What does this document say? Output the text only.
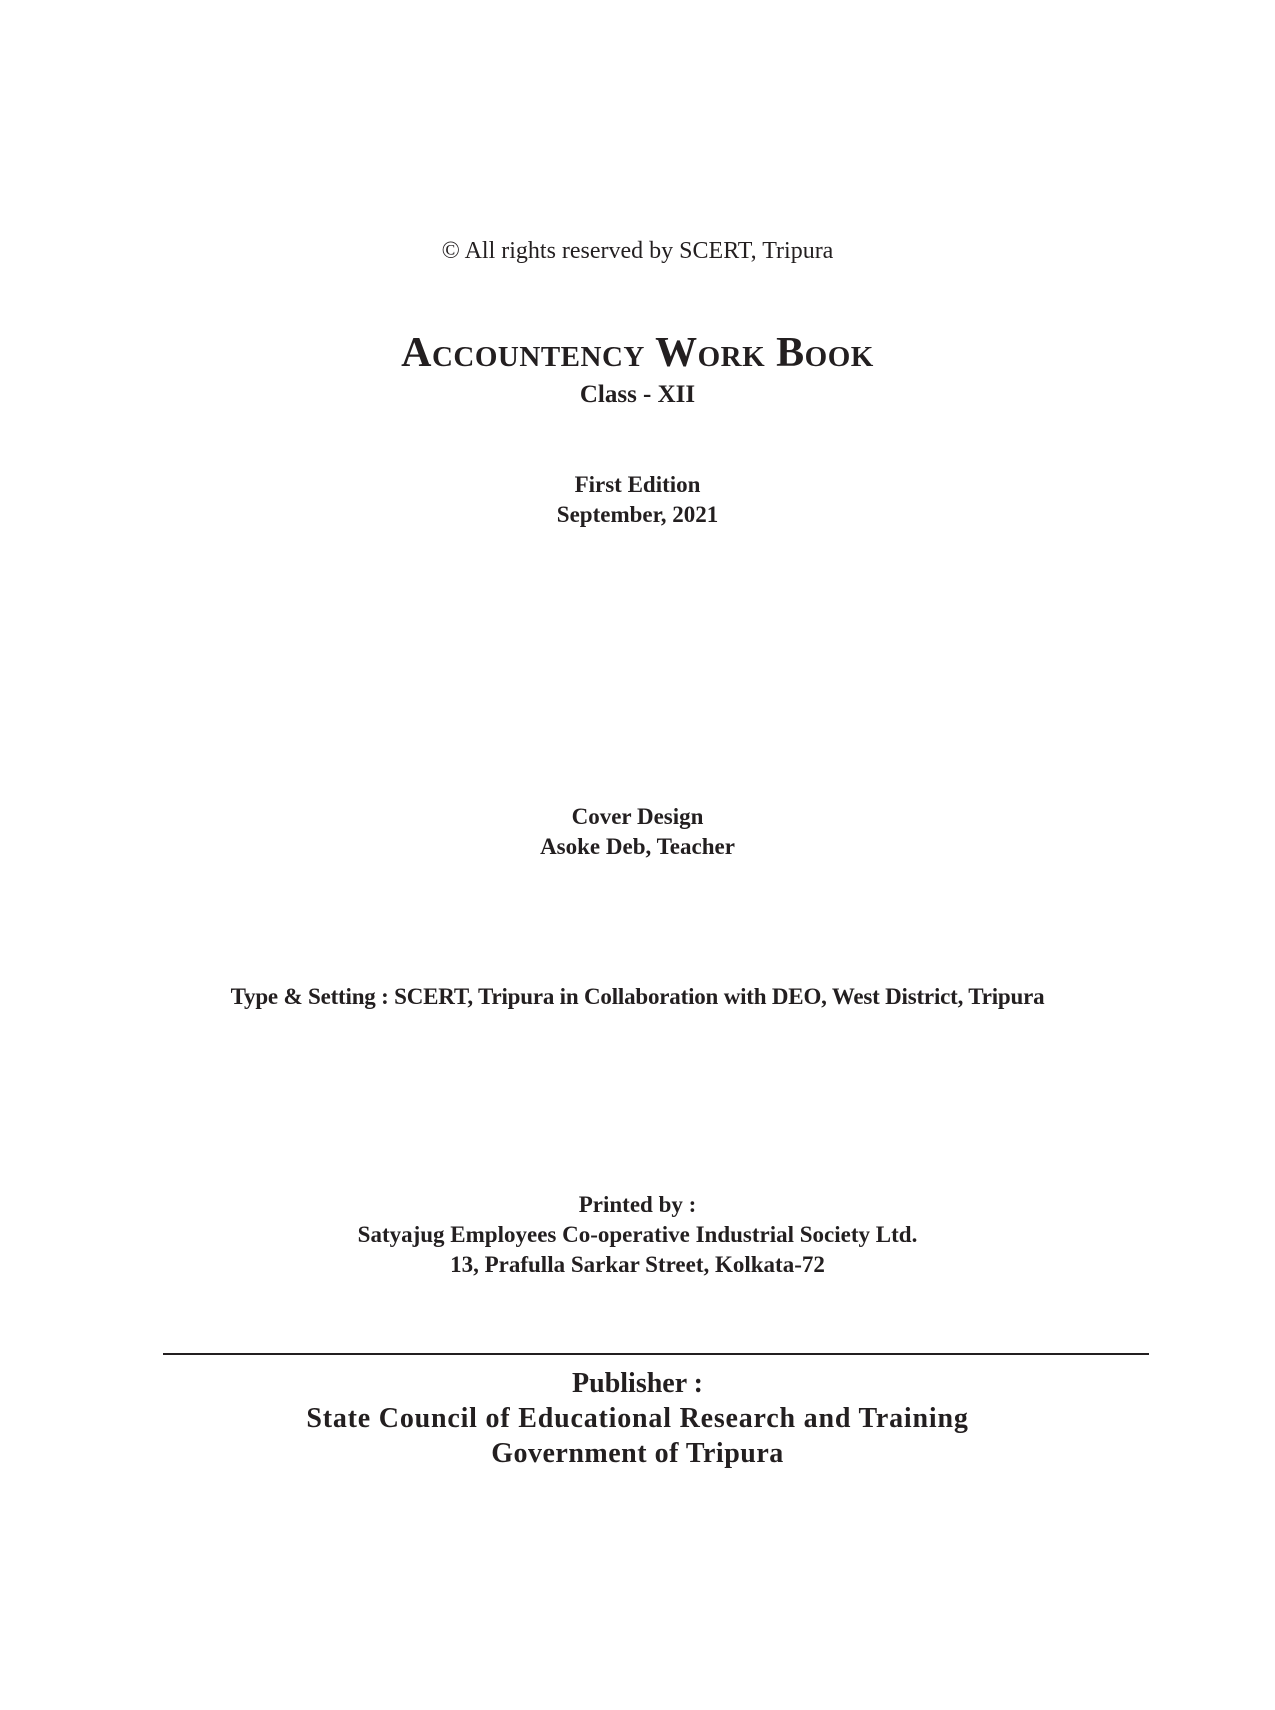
© All rights reserved by SCERT, Tripura
Accountency Work Book
Class - XII
First Edition
September, 2021
Cover Design
Asoke Deb, Teacher
Type & Setting : SCERT, Tripura in Collaboration with DEO, West District, Tripura
Printed by :
Satyajug Employees Co-operative Industrial Society Ltd.
13, Prafulla Sarkar Street, Kolkata-72
Publisher :
State Council of Educational Research and Training
Government of Tripura
